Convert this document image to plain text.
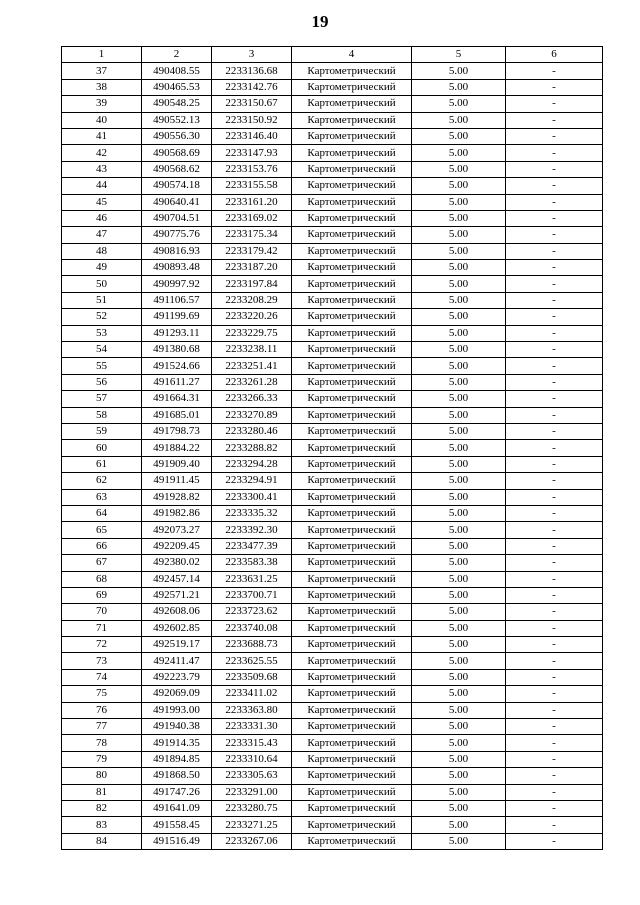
19
1	2	3	4	5	6
37	490408.55	2233136.68	Картометрический	5.00	-
38	490465.53	2233142.76	Картометрический	5.00	-
39	490548.25	2233150.67	Картометрический	5.00	-
40	490552.13	2233150.92	Картометрический	5.00	-
41	490556.30	2233146.40	Картометрический	5.00	-
42	490568.69	2233147.93	Картометрический	5.00	-
43	490568.62	2233153.76	Картометрический	5.00	-
44	490574.18	2233155.58	Картометрический	5.00	-
45	490640.41	2233161.20	Картометрический	5.00	-
46	490704.51	2233169.02	Картометрический	5.00	-
47	490775.76	2233175.34	Картометрический	5.00	-
48	490816.93	2233179.42	Картометрический	5.00	-
49	490893.48	2233187.20	Картометрический	5.00	-
50	490997.92	2233197.84	Картометрический	5.00	-
51	491106.57	2233208.29	Картометрический	5.00	-
52	491199.69	2233220.26	Картометрический	5.00	-
53	491293.11	2233229.75	Картометрический	5.00	-
54	491380.68	2233238.11	Картометрический	5.00	-
55	491524.66	2233251.41	Картометрический	5.00	-
56	491611.27	2233261.28	Картометрический	5.00	-
57	491664.31	2233266.33	Картометрический	5.00	-
58	491685.01	2233270.89	Картометрический	5.00	-
59	491798.73	2233280.46	Картометрический	5.00	-
60	491884.22	2233288.82	Картометрический	5.00	-
61	491909.40	2233294.28	Картометрический	5.00	-
62	491911.45	2233294.91	Картометрический	5.00	-
63	491928.82	2233300.41	Картометрический	5.00	-
64	491982.86	2233335.32	Картометрический	5.00	-
65	492073.27	2233392.30	Картометрический	5.00	-
66	492209.45	2233477.39	Картометрический	5.00	-
67	492380.02	2233583.38	Картометрический	5.00	-
68	492457.14	2233631.25	Картометрический	5.00	-
69	492571.21	2233700.71	Картометрический	5.00	-
70	492608.06	2233723.62	Картометрический	5.00	-
71	492602.85	2233740.08	Картометрический	5.00	-
72	492519.17	2233688.73	Картометрический	5.00	-
73	492411.47	2233625.55	Картометрический	5.00	-
74	492223.79	2233509.68	Картометрический	5.00	-
75	492069.09	2233411.02	Картометрический	5.00	-
76	491993.00	2233363.80	Картометрический	5.00	-
77	491940.38	2233331.30	Картометрический	5.00	-
78	491914.35	2233315.43	Картометрический	5.00	-
79	491894.85	2233310.64	Картометрический	5.00	-
80	491868.50	2233305.63	Картометрический	5.00	-
81	491747.26	2233291.00	Картометрический	5.00	-
82	491641.09	2233280.75	Картометрический	5.00	-
83	491558.45	2233271.25	Картометрический	5.00	-
84	491516.49	2233267.06	Картометрический	5.00	-
